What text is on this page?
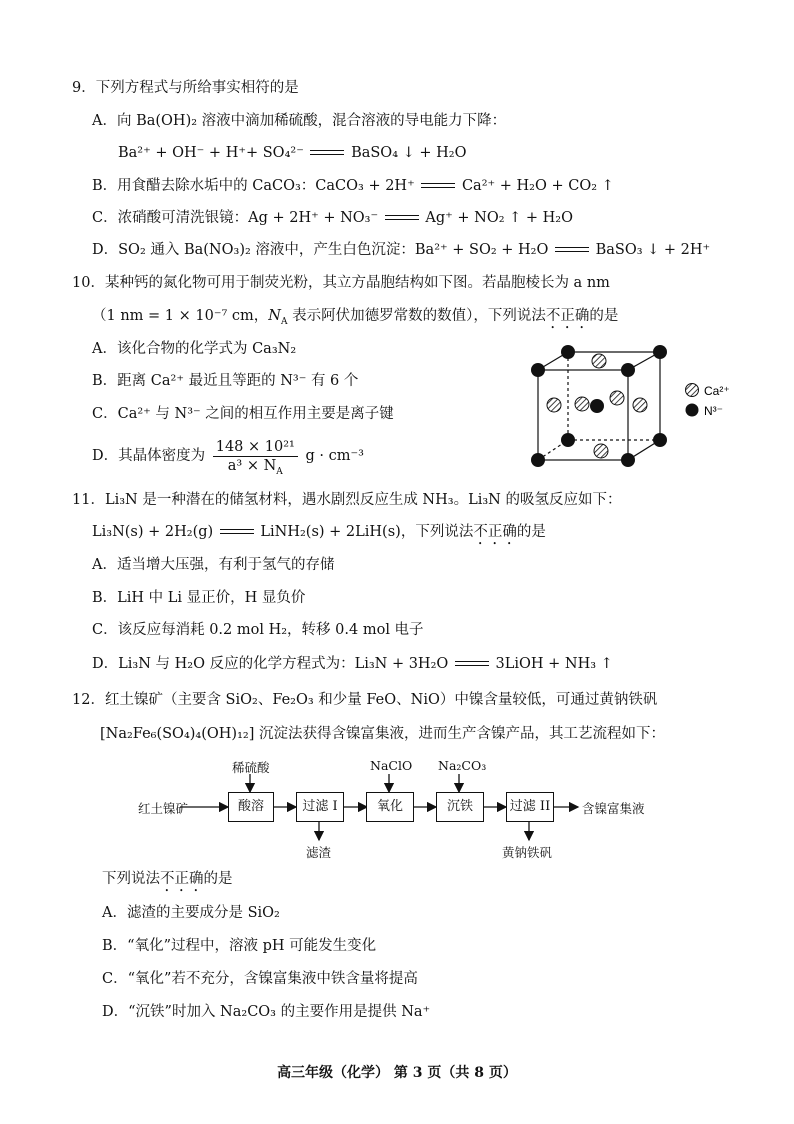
9．下列方程式与所给事实相符的是
A．向 Ba(OH)₂ 溶液中滴加稀硫酸，混合溶液的导电能力下降：
Ba²⁺ + OH⁻ + H⁺+ SO₄²⁻	BaSO₄ ↓ + H₂O
B．用食醋去除水垢中的 CaCO₃：CaCO₃ + 2H⁺	Ca²⁺ + H₂O + CO₂ ↑
C．浓硝酸可清洗银镜：Ag + 2H⁺ + NO₃⁻	Ag⁺ + NO₂ ↑ + H₂O
D．SO₂ 通入 Ba(NO₃)₂ 溶液中，产生白色沉淀：Ba²⁺ + SO₂ + H₂O	BaSO₃ ↓ + 2H⁺
10．某种钙的氮化物可用于制荧光粉，其立方晶胞结构如下图。若晶胞棱长为 a nm
（1 nm = 1 × 10⁻⁷ cm，$N_A$ 表示阿伏加德罗常数的数值），下列说法不正确的是
A．该化合物的化学式为 Ca₃N₂
B．距离 Ca²⁺ 最近且等距的 N³⁻ 有 6 个
C．Ca²⁺ 与 N³⁻ 之间的相互作用主要是离子键
D．其晶体密度为 $\frac{\text{148 × 10²¹}}{a^3 \times N_A}$ g · cm⁻³
Ca²⁺
N³⁻
11．Li₃N 是一种潜在的储氢材料，遇水剧烈反应生成 NH₃。Li₃N 的吸氢反应如下：
Li₃N(s) + 2H₂(g)	LiNH₂(s) + 2LiH(s)，下列说法不正确的是
A．适当增大压强，有利于氢气的存储
B．LiH 中 Li 显正价，H 显负价
C．该反应每消耗 0.2 mol H₂，转移 0.4 mol 电子
D．Li₃N 与 H₂O 反应的化学方程式为：Li₃N + 3H₂O	3LiOH + NH₃ ↑
12．红土镍矿（主要含 SiO₂、Fe₂O₃ 和少量 FeO、NiO）中镍含量较低，可通过黄钠铁矾
[Na₂Fe₆(SO₄)₄(OH)₁₂] 沉淀法获得含镍富集液，进而生产含镍产品，其工艺流程如下：
红土镍矿	酸溶	过滤 I	氧化	沉铁	过滤 II	含镍富集液
稀硫酸	NaClO Na₂CO₃
滤渣	黄钠铁矾
下列说法不正确的是
A．滤渣的主要成分是 SiO₂
B．“氧化”过程中，溶液 pH 可能发生变化
C．“氧化”若不充分，含镍富集液中铁含量将提高
D．“沉铁”时加入 Na₂CO₃ 的主要作用是提供 Na⁺
高三年级（化学） 第 3 页（共 8 页）
